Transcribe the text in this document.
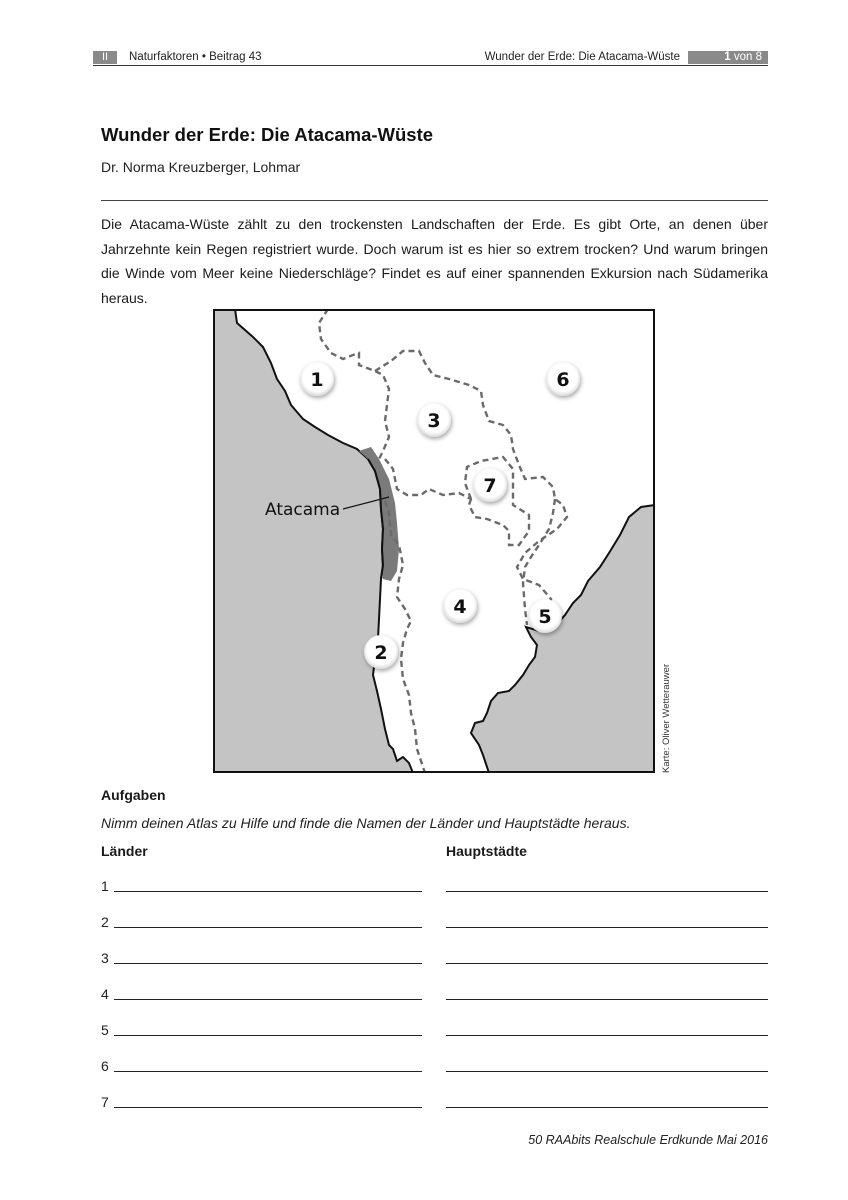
II	Naturfaktoren • Beitrag 43	Wunder der Erde: Die Atacama-Wüste	1 von 8
Wunder der Erde: Die Atacama-Wüste
Dr. Norma Kreuzberger, Lohmar
Die Atacama-Wüste zählt zu den trockensten Landschaften der Erde. Es gibt Orte, an denen über Jahrzehnte kein Regen registriert wurde. Doch warum ist es hier so extrem trocken? Und warum bringen die Winde vom Meer keine Niederschläge? Findet es auf einer spannenden Exkursion nach Südamerika heraus.
Atacama
1
2
3
4	5
6
7
Karte: Oliver Wetterauwer
Aufgaben
Nimm deinen Atlas zu Hilfe und finde die Namen der Länder und Hauptstädte heraus.
Länder	Hauptstädte
1
2
3
4
5
6
7
50 RAAbits Realschule Erdkunde Mai 2016
